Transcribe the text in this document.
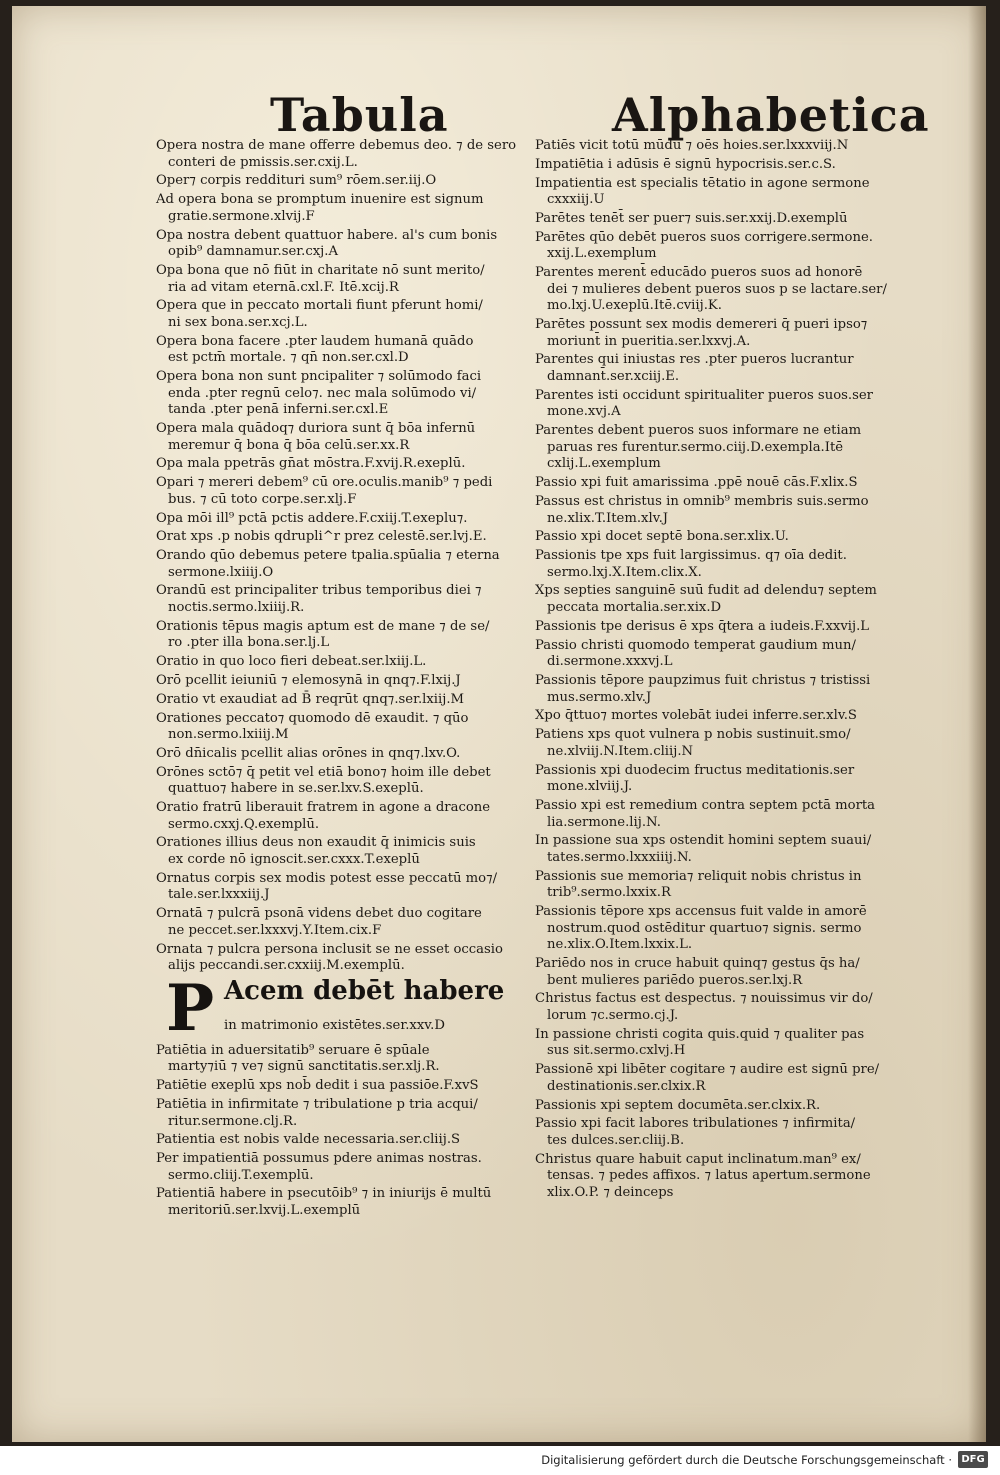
Tabula	Alphabetica
Opera nostra de mane offerre debemus deo. ⁊ de sero
conteri de pmissis.ser.cxij.L.
Oper⁊ corpis reddituri sum⁹ rōem.ser.iij.O
Ad opera bona se promptum inuenire est signum
gratie.sermone.xlvij.F
Opa nostra debent quattuor habere. al's cum bonis
opib⁹ damnamur.ser.cxj.A
Opa bona que nō fiūt in charitate nō sunt merito/
ria ad vitam eternā.cxl.F. Itē.xcij.R
Opera que in peccato mortali fiunt pferunt homi/
ni sex bona.ser.xcj.L.
Opera bona facere .pter laudem humanā quādo
est pctm̄ mortale. ⁊ qn̄ non.ser.cxl.D
Opera bona non sunt pncipaliter ⁊ solūmodo faci
enda .pter regnū celo⁊. nec mala solūmodo vi/
tanda .pter penā inferni.ser.cxl.E
Opera mala quādoq⁊ duriora sunt q̄ bōa infernū
meremur q̄ bona q̄ bōa celū.ser.xx.R
Opa mala ppetrās gn̄at mōstra.F.xvij.R.exeplū.
Opari ⁊ mereri debem⁹ cū ore.oculis.manib⁹ ⁊ pedi
bus. ⁊ cū toto corpe.ser.xlj.F
Opa mōi ill⁹ pctā pctis addere.F.cxiij.T.exeplu⁊.
Orat xps .p nobis qdrupli^r prez celestē.ser.lvj.E.
Orando qūo debemus petere tpalia.spūalia ⁊ eterna
sermone.lxiiij.O
Orandū est principaliter tribus temporibus diei ⁊
noctis.sermo.lxiiij.R.
Orationis tēpus magis aptum est de mane ⁊ de se/
ro .pter illa bona.ser.lj.L
Oratio in quo loco fieri debeat.ser.lxiij.L.
Orō pcellit ieiuniū ⁊ elemosynā in qnq⁊.F.lxij.J
Oratio vt exaudiat ad B̄ reqrūt qnq⁊.ser.lxiij.M
Orationes peccato⁊ quomodo dē exaudit. ⁊ qūo
non.sermo.lxiiij.M
Orō dn̄icalis pcellit alias orōnes in qnq⁊.lxv.O.
Orōnes sctō⁊ q̄ petit vel etiā bono⁊ hoim ille debet
quattuo⁊ habere in se.ser.lxv.S.exeplū.
Oratio fratrū liberauit fratrem in agone a dracone
sermo.cxxj.Q.exemplū.
Orationes illius deus non exaudit q̄ inimicis suis
ex corde nō ignoscit.ser.cxxx.T.exeplū
Ornatus corpis sex modis potest esse peccatū mo⁊/
tale.ser.lxxxiij.J
Ornatā ⁊ pulcrā psonā videns debet duo cogitare
ne peccet.ser.lxxxvj.Y.Item.cix.F
Ornata ⁊ pulcra persona inclusit se ne esset occasio
alijs peccandi.ser.cxxiij.M.exemplū.
P Acem debēt habere
in matrimonio existētes.ser.xxv.D
Patiētia in aduersitatib⁹ seruare ē spūale
marty⁊iū ⁊ ve⁊ signū sanctitatis.ser.xlj.R.
Patiētie exeplū xps nob̄ dedit i sua passiōe.F.xvS
Patiētia in infirmitate ⁊ tribulatione p tria acqui/
ritur.sermone.clj.R.
Patientia est nobis valde necessaria.ser.cliij.S
Per impatientiā possumus pdere animas nostras.
sermo.cliij.T.exemplū.
Patientiā habere in psecutōib⁹ ⁊ in iniurijs ē multū
meritoriū.ser.lxvij.L.exemplū
Patiēs vicit totū mūdū ⁊ oēs hoies.ser.lxxxviij.N
Impatiētia i adūsis ē signū hypocrisis.ser.c.S.
Impatientia est specialis tētatio in agone sermone
cxxxiij.U
Parētes tenēt̄ ser puer⁊ suis.ser.xxij.D.exemplū
Parētes qūo debēt pueros suos corrigere.sermone.
xxij.L.exemplum
Parentes merent̄ educādo pueros suos ad honorē
dei ⁊ mulieres debent pueros suos p se lactare.ser/
mo.lxj.U.exeplū.Itē.cviij.K.
Parētes possunt sex modis demereri q̄ pueri ipso⁊
moriunt̄ in pueritia.ser.lxxvj.A.
Parentes qui iniustas res .pter pueros lucrantur
damnant̄.ser.xciij.E.
Parentes isti occidunt spiritualiter pueros suos.ser
mone.xvj.A
Parentes debent pueros suos informare ne etiam
paruas res furentur.sermo.ciij.D.exempla.Itē
cxlij.L.exemplum
Passio xpi fuit amarissima .ppē nouē cās.F.xlix.S
Passus est christus in omnib⁹ membris suis.sermo
ne.xlix.T.Item.xlv.J
Passio xpi docet septē bona.ser.xlix.U.
Passionis tpe xps fuit largissimus. q⁊ oīa dedit.
sermo.lxj.X.Item.clix.X.
Xps septies sanguinē suū fudit ad delendu⁊ septem
peccata mortalia.ser.xix.D
Passionis tpe derisus ē xps q̄tera a iudeis.F.xxvij.L
Passio christi quomodo temperat gaudium mun/
di.sermone.xxxvj.L
Passionis tēpore paupzimus fuit christus ⁊ tristissi
mus.sermo.xlv.J
Xpo q̄ttuo⁊ mortes volebāt iudei inferre.ser.xlv.S
Patiens xps quot vulnera p nobis sustinuit.smo/
ne.xlviij.N.Item.cliij.N
Passionis xpi duodecim fructus meditationis.ser
mone.xlviij.J.
Passio xpi est remedium contra septem pctā morta
lia.sermone.lij.N.
In passione sua xps ostendit homini septem suaui/
tates.sermo.lxxxiiij.N.
Passionis sue memoria⁊ reliquit nobis christus in
trib⁹.sermo.lxxix.R
Passionis tēpore xps accensus fuit valde in amorē
nostrum.quod ostēditur quartuo⁊ signis. sermo
ne.xlix.O.Item.lxxix.L.
Pariēdo nos in cruce habuit quinq⁊ gestus q̄s ha/
bent mulieres pariēdo pueros.ser.lxj.R
Christus factus est despectus. ⁊ nouissimus vir do/
lorum ⁊c.sermo.cj.J.
In passione christi cogita quis.quid ⁊ qualiter pas
sus sit.sermo.cxlvj.H
Passionē xpi libēter cogitare ⁊ audire est signū pre/
destinationis.ser.clxix.R
Passionis xpi septem documēta.ser.clxix.R.
Passio xpi facit labores tribulationes ⁊ infirmita/
tes dulces.ser.cliij.B.
Christus quare habuit caput inclinatum.man⁹ ex/
tensas. ⁊ pedes affixos. ⁊ latus apertum.sermone
xlix.O.P. ⁊ deinceps
Digitalisierung gefördert durch die Deutsche Forschungsgemeinschaft · DFG
